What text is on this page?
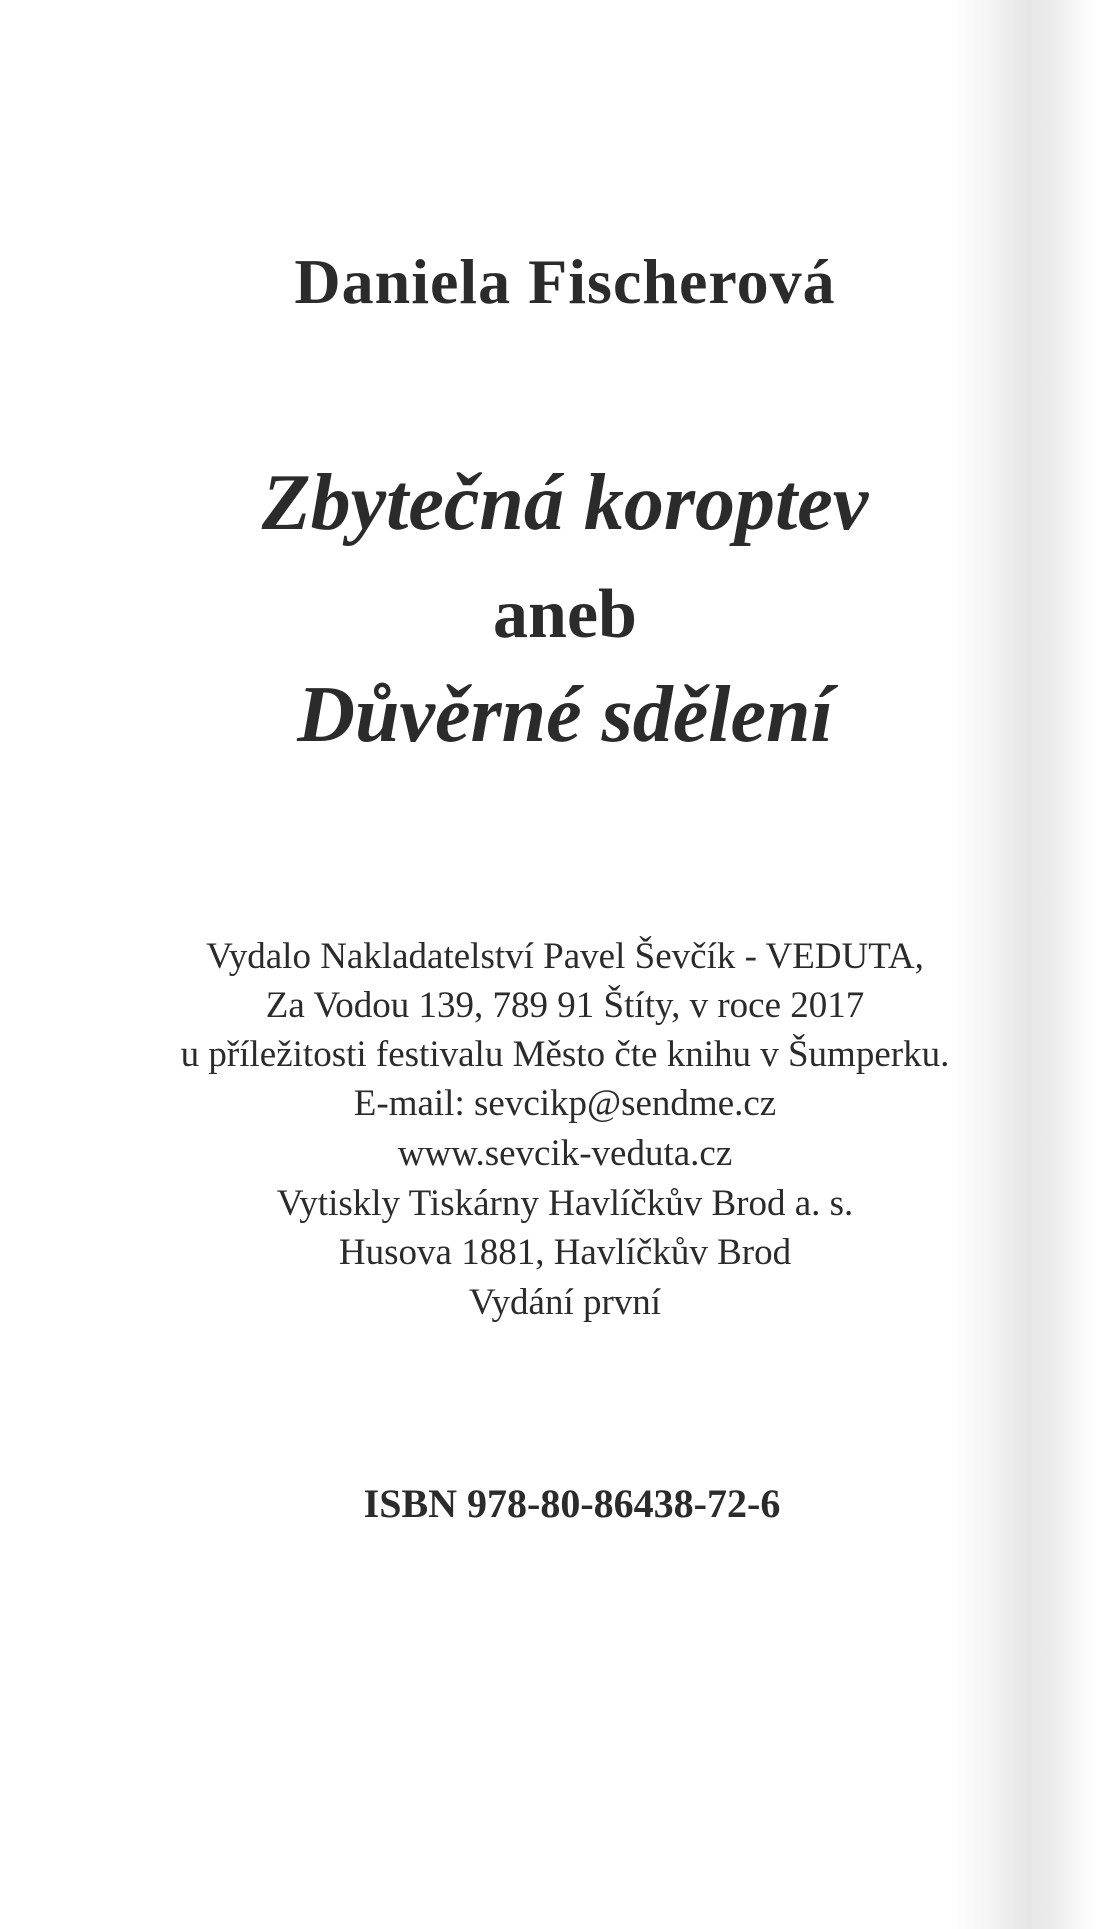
Daniela Fischerová
Zbytečná koroptev
aneb
Důvěrné sdělení
Vydalo Nakladatelství Pavel Ševčík - VEDUTA,
Za Vodou 139, 789 91 Štíty, v roce 2017
u příležitosti festivalu Město čte knihu v Šumperku.
E-mail: sevcikp@sendme.cz
www.sevcik-veduta.cz
Vytiskly Tiskárny Havlíčkův Brod a. s.
Husova 1881, Havlíčkův Brod
Vydání první
ISBN 978-80-86438-72-6
